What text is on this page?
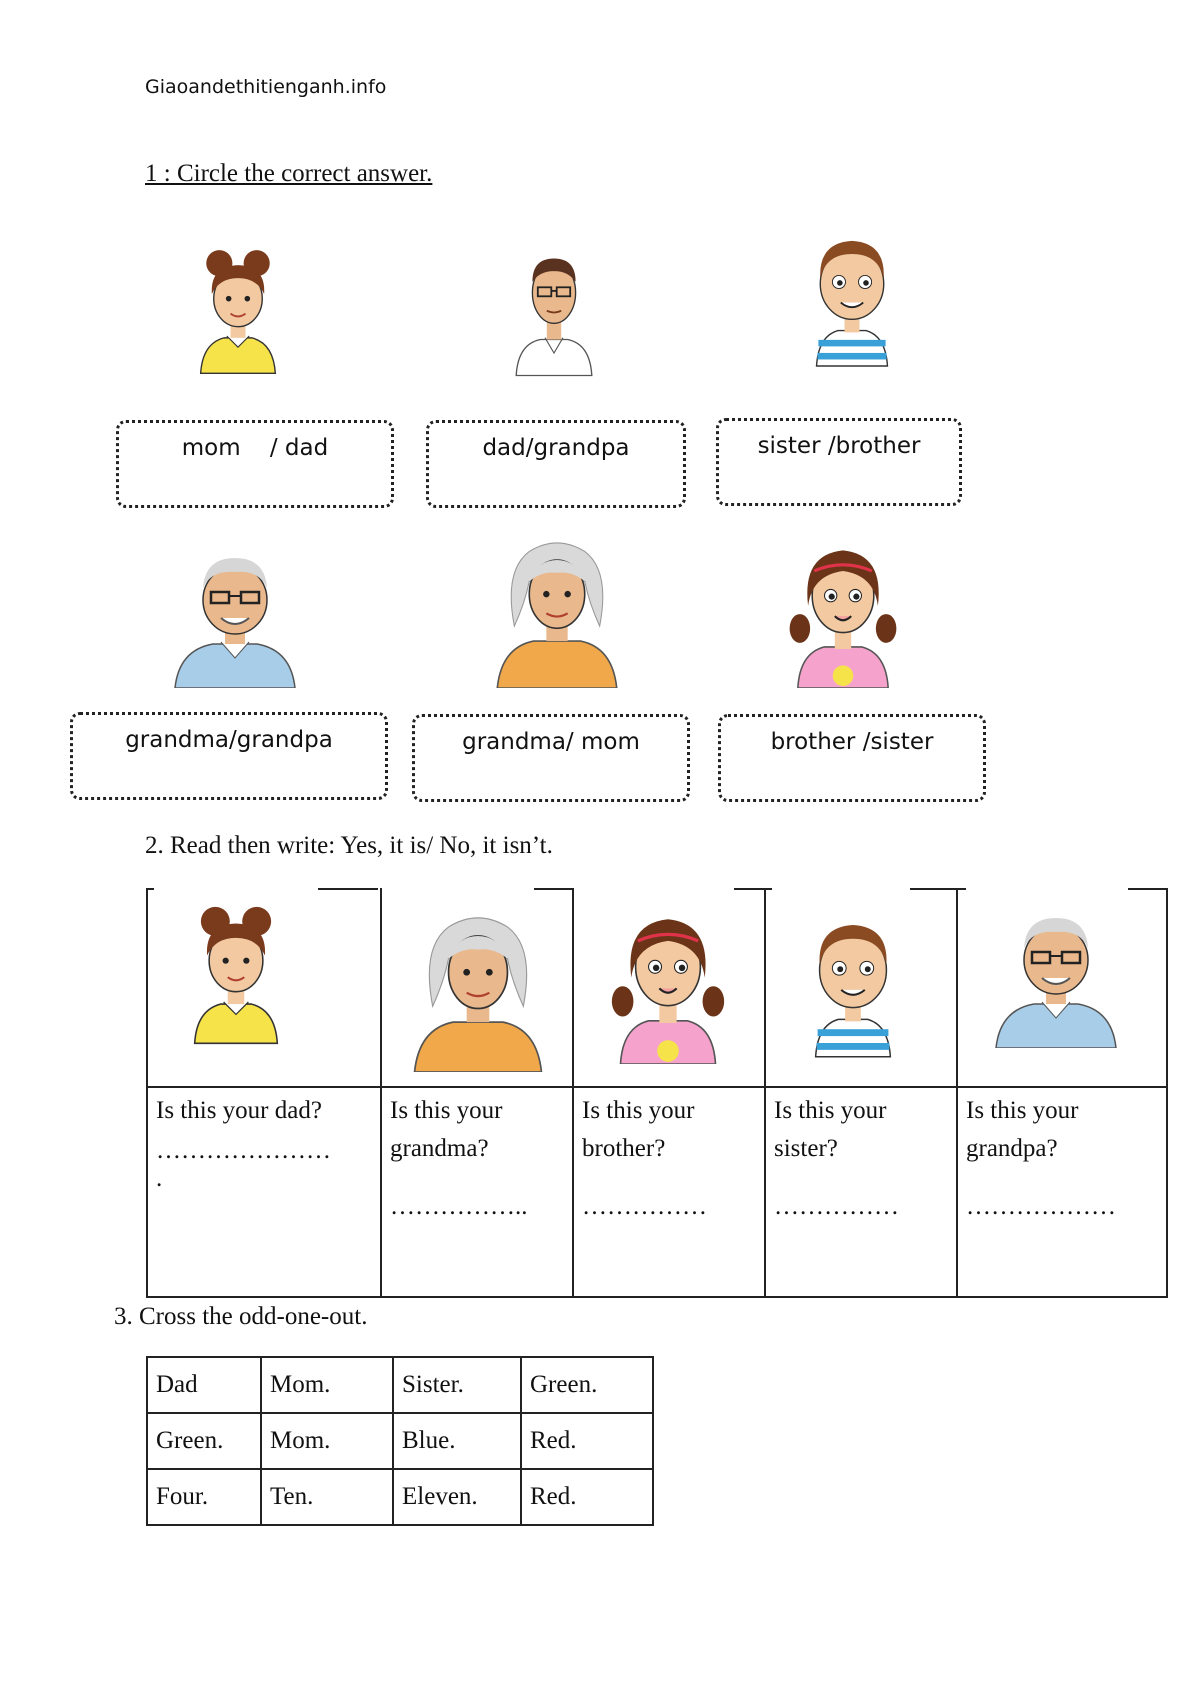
Giaoandethitienganh.info
1 : Circle the correct answer.
mom    / dad	dad/grandpa	sister /brother
grandma/grandpa	grandma/ mom	brother /sister
2. Read then write: Yes, it is/ No, it isn’t.
Is this your dad?
…………………
.
Is this your
grandma?
……………..
Is this your
brother?
……………
Is this your
sister?
……………
Is this your
grandpa?
………………
3. Cross the odd-one-out.
Dad	Mom.	Sister.	Green.
Green.	Mom.	Blue.	Red.
Four.	Ten.	Eleven.	Red.
